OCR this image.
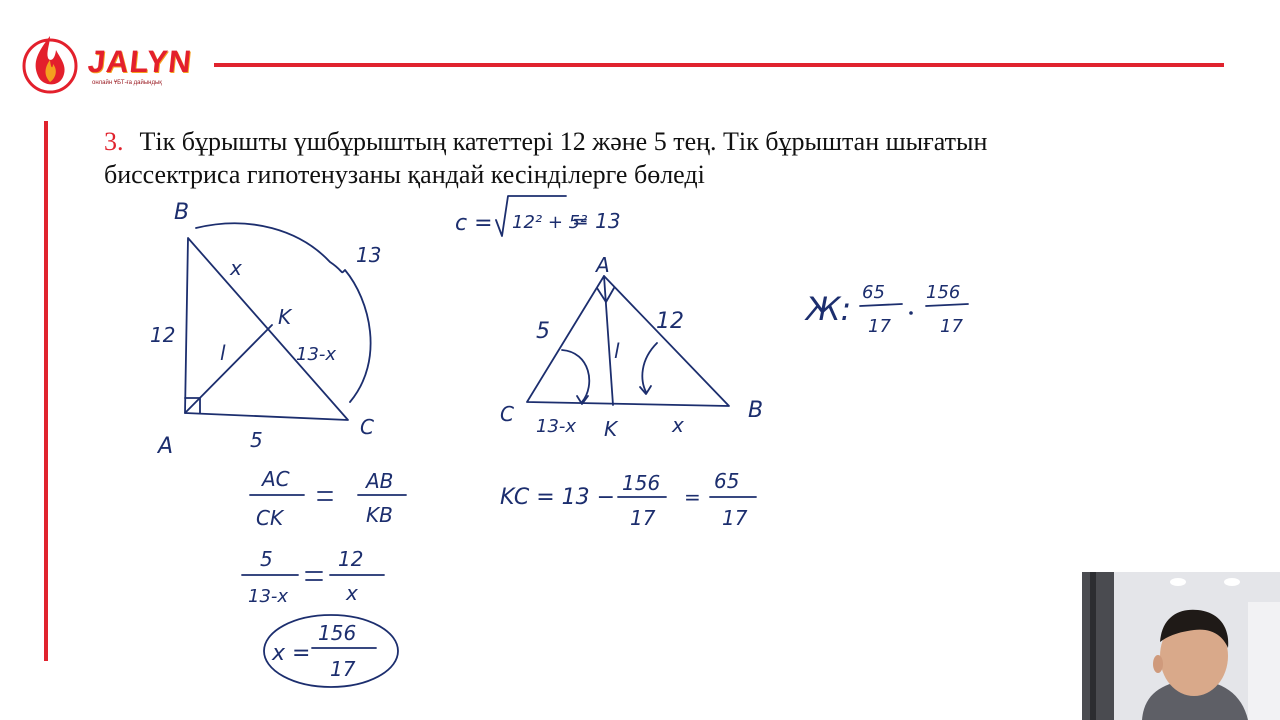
JALYN
онлайн ҰБТ-ға дайындық
3. Тік бұрышты үшбұрыштың катеттері 12 және 5 тең. Тік бұрыштан шығатын
биссектриса гипотенузаны қандай кесінділерге бөледі
B
A
C
K
x
l	13-x
13
12
5
c = 12² + 5²
= 13
A
B
C
K
l
5	12
13-x	x
Ж: 65
17
156
17
AC
CK
AB
KB
KC = 13 −
156
17
=
65
17
5
13-x
12
x
x =
156
17
